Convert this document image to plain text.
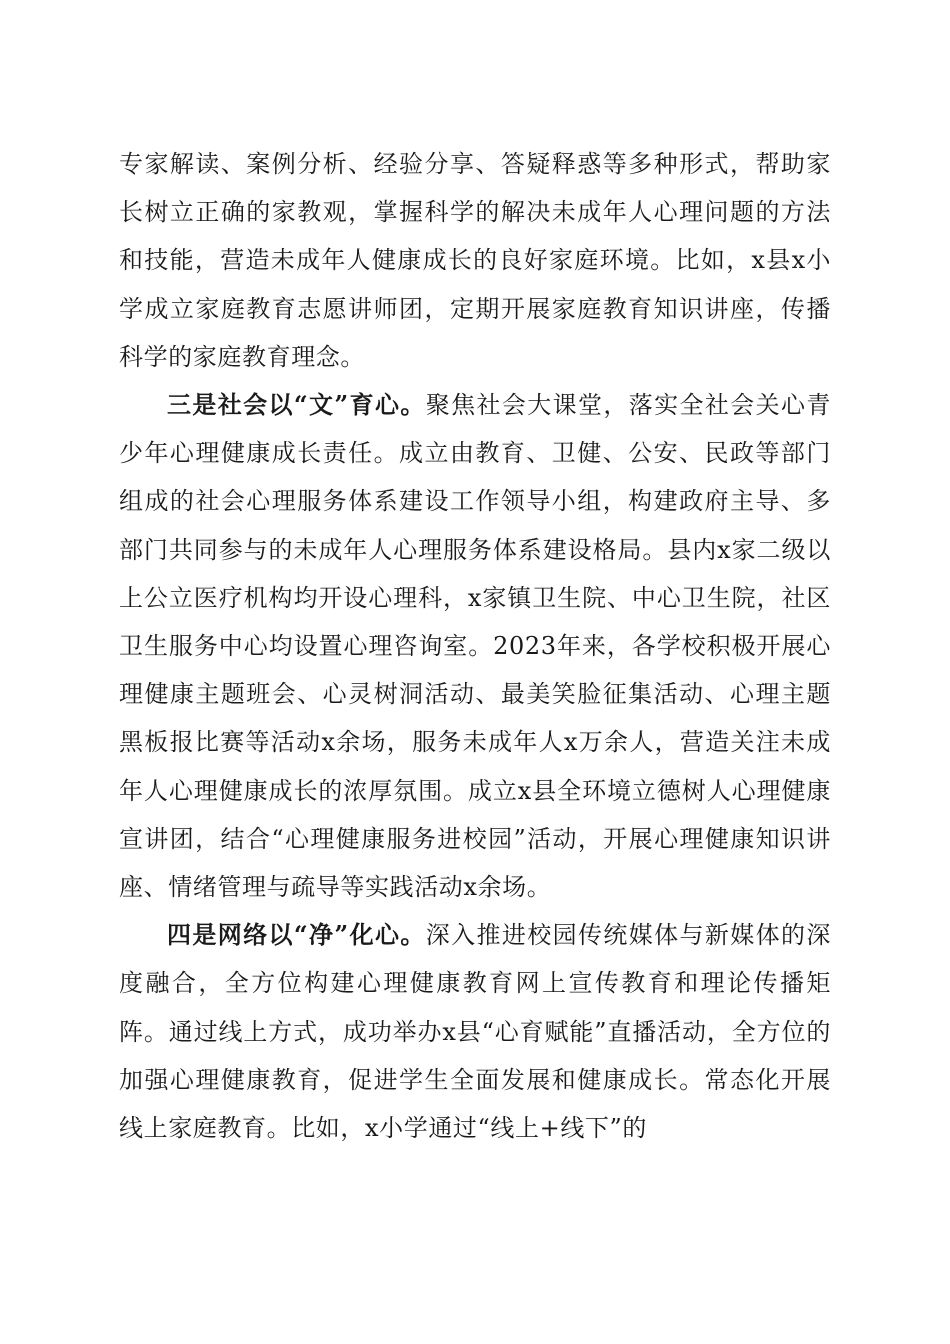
专家解读、案例分析、经验分享、答疑释惑等多种形式，帮助家长树立正确的家教观，掌握科学的解决未成年人心理问题的方法和技能，营造未成年人健康成长的良好家庭环境。比如，x县x小学成立家庭教育志愿讲师团，定期开展家庭教育知识讲座，传播科学的家庭教育理念。

三是社会以“文”育心。聚焦社会大课堂，落实全社会关心青少年心理健康成长责任。成立由教育、卫健、公安、民政等部门组成的社会心理服务体系建设工作领导小组，构建政府主导、多部门共同参与的未成年人心理服务体系建设格局。县内x家二级以上公立医疗机构均开设心理科，x家镇卫生院、中心卫生院，社区卫生服务中心均设置心理咨询室。2023年来，各学校积极开展心理健康主题班会、心灵树洞活动、最美笑脸征集活动、心理主题黑板报比赛等活动x余场，服务未成年人x万余人，营造关注未成年人心理健康成长的浓厚氛围。成立x县全环境立德树人心理健康宣讲团，结合“心理健康服务进校园”活动，开展心理健康知识讲座、情绪管理与疏导等实践活动x余场。

四是网络以“净”化心。深入推进校园传统媒体与新媒体的深度融合，全方位构建心理健康教育网上宣传教育和理论传播矩阵。通过线上方式，成功举办x县“心育赋能”直播活动，全方位的加强心理健康教育，促进学生全面发展和健康成长。常态化开展线上家庭教育。比如，x小学通过“线上+线下”的
